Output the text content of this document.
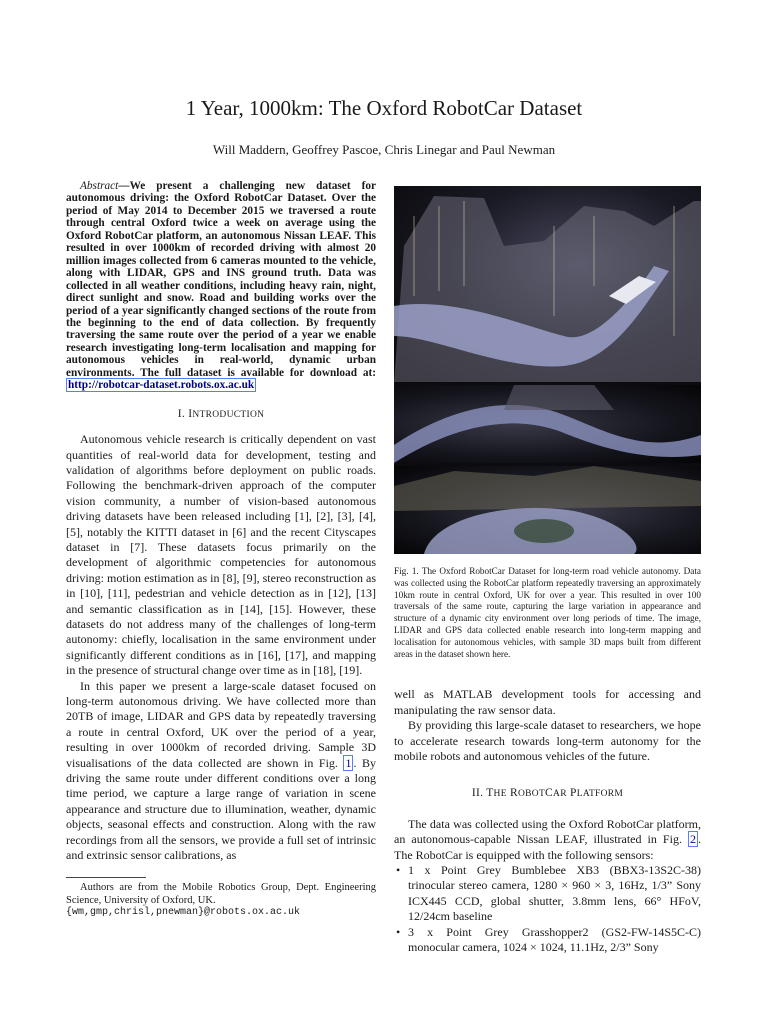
1 Year, 1000km: The Oxford RobotCar Dataset
Will Maddern, Geoffrey Pascoe, Chris Linegar and Paul Newman

Abstract—We present a challenging new dataset for autonomous driving: the Oxford RobotCar Dataset. Over the period of May 2014 to December 2015 we traversed a route through central Oxford twice a week on average using the Oxford RobotCar platform, an autonomous Nissan LEAF. This resulted in over 1000km of recorded driving with almost 20 million images collected from 6 cameras mounted to the vehicle, along with LIDAR, GPS and INS ground truth. Data was collected in all weather conditions, including heavy rain, night, direct sunlight and snow. Road and building works over the period of a year significantly changed sections of the route from the beginning to the end of data collection. By frequently traversing the same route over the period of a year we enable research investigating long-term localisation and mapping for autonomous vehicles in real-world, dynamic urban environments. The full dataset is available for download at: http://robotcar-dataset.robots.ox.ac.uk

I. INTRODUCTION

Autonomous vehicle research is critically dependent on vast quantities of real-world data for development, testing and validation of algorithms before deployment on public roads. Following the benchmark-driven approach of the computer vision community, a number of vision-based autonomous driving datasets have been released including [1], [2], [3], [4], [5], notably the KITTI dataset in [6] and the recent Cityscapes dataset in [7]. These datasets focus primarily on the development of algorithmic competencies for autonomous driving: motion estimation as in [8], [9], stereo reconstruction as in [10], [11], pedestrian and vehicle detection as in [12], [13] and semantic classification as in [14], [15]. However, these datasets do not address many of the challenges of long-term autonomy: chiefly, localisation in the same environment under significantly different conditions as in [16], [17], and mapping in the presence of structural change over time as in [18], [19].

In this paper we present a large-scale dataset focused on long-term autonomous driving. We have collected more than 20TB of image, LIDAR and GPS data by repeatedly traversing a route in central Oxford, UK over the period of a year, resulting in over 1000km of recorded driving. Sample 3D visualisations of the data collected are shown in Fig. 1 . By driving the same route under different conditions over a long time period, we capture a large range of variation in scene appearance and structure due to illumination, weather, dynamic objects, seasonal effects and construction. Along with the raw recordings from all the sensors, we provide a full set of intrinsic and extrinsic sensor calibrations, as

Authors are from the Mobile Robotics Group, Dept. Engineering Science, University of Oxford, UK.

{wm,gmp,chrisl,pnewman}@robots.ox.ac.uk

Fig. 1. The Oxford RobotCar Dataset for long-term road vehicle autonomy. Data was collected using the RobotCar platform repeatedly traversing an approximately 10km route in central Oxford, UK for over a year. This resulted in over 100 traversals of the same route, capturing the large variation in appearance and structure of a dynamic city environment over long periods of time. The image, LIDAR and GPS data collected enable research into long-term mapping and localisation for autonomous vehicles, with sample 3D maps built from different areas in the dataset shown here.

well as MATLAB development tools for accessing and manipulating the raw sensor data.

By providing this large-scale dataset to researchers, we hope to accelerate research towards long-term autonomy for the mobile robots and autonomous vehicles of the future.

II. THE ROBOTCAR PLATFORM

The data was collected using the Oxford RobotCar platform, an autonomous-capable Nissan LEAF, illustrated in Fig. 2 . The RobotCar is equipped with the following sensors:

• 1 x Point Grey Bumblebee XB3 (BBX3-13S2C-38) trinocular stereo camera, 1280 × 960 × 3, 16Hz, 1/3” Sony ICX445 CCD, global shutter, 3.8mm lens, 66° HFoV, 12/24cm baseline
• 3 x Point Grey Grasshopper2 (GS2-FW-14S5C-C) monocular camera, 1024 × 1024, 11.1Hz, 2/3” Sony
